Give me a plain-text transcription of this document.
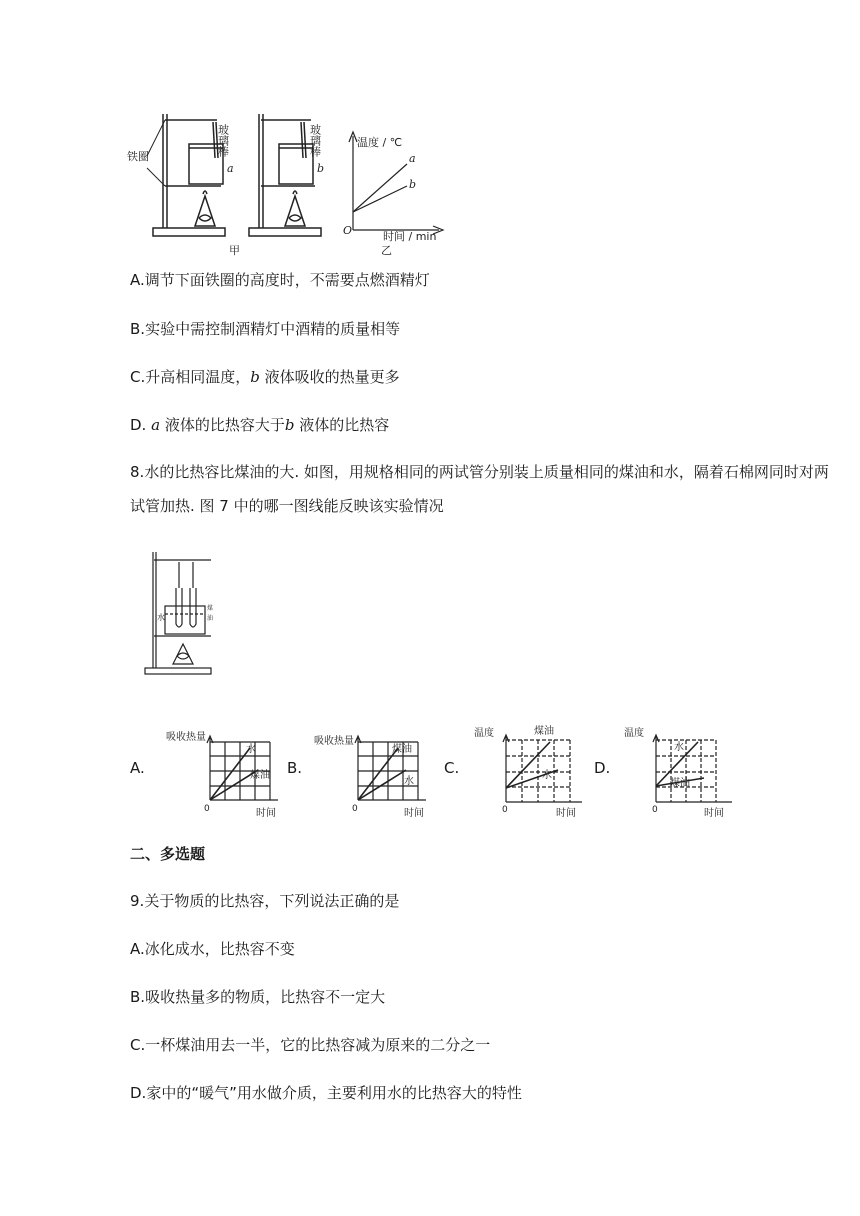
铁圈	玻璃棒	玻璃棒
a	b
甲
温度 / ℃
时间 / min
O
a
b
乙
A.调节下面铁圈的高度时，不需要点燃酒精灯
B.实验中需控制酒精灯中酒精的质量相等
C.升高相同温度，b 液体吸收的热量更多
D. a 液体的比热容大于b 液体的比热容
8.水的比热容比煤油的大. 如图，用规格相同的两试管分别装上质量相同的煤油和水，隔着石棉网同时对两试管加热. 图 7 中的哪一图线能反映该实验情况
水
煤
油
A.
吸收热量
水
煤油
0	时间
B.
吸收热量
煤油
水
0	时间
C.
温度	煤油
水
0	时间
D.
温度
水
煤油
0	时间
二、多选题
9.关于物质的比热容，下列说法正确的是
A.冰化成水，比热容不变
B.吸收热量多的物质，比热容不一定大
C.一杯煤油用去一半，它的比热容减为原来的二分之一
D.家中的“暖气”用水做介质，主要利用水的比热容大的特性
